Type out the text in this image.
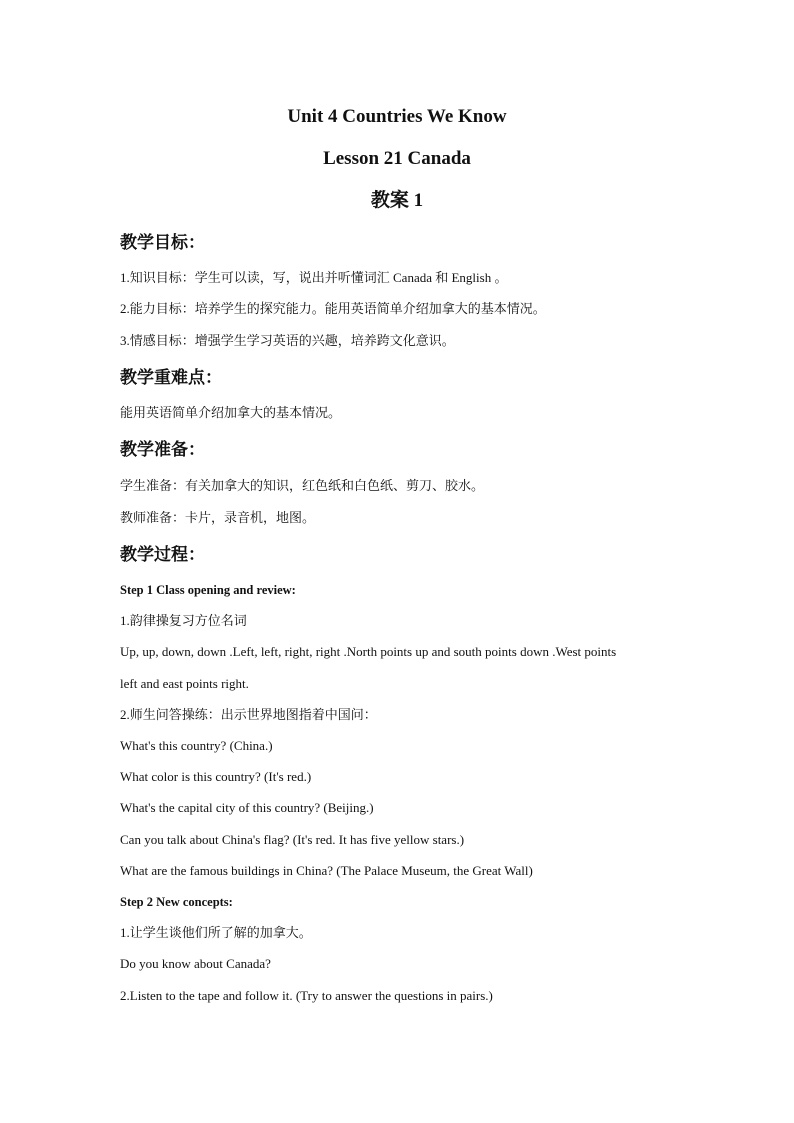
Unit 4 Countries We Know
Lesson 21 Canada
教案 1
教学目标：
1.知识目标：学生可以读，写，说出并听懂词汇 Canada 和 English 。
2.能力目标：培养学生的探究能力。能用英语简单介绍加拿大的基本情况。
3.情感目标：增强学生学习英语的兴趣，培养跨文化意识。
教学重难点：
能用英语简单介绍加拿大的基本情况。
教学准备：
学生准备：有关加拿大的知识，红色纸和白色纸、剪刀、胶水。
教师准备：卡片，录音机，地图。
教学过程：
Step 1 Class opening and review:
1.韵律操复习方位名词
Up, up, down, down .Left, left, right, right .North points up and south points down .West points
left and east points right.
2.师生问答操练：出示世界地图指着中国问：
What's this country? (China.)
What color is this country? (It's red.)
What's the capital city of this country? (Beijing.)
Can you talk about China's flag? (It's red. It has five yellow stars.)
What are the famous buildings in China? (The Palace Museum, the Great Wall)
Step 2 New concepts:
1.让学生谈他们所了解的加拿大。
Do you know about Canada?
2.Listen to the tape and follow it. (Try to answer the questions in pairs.)
